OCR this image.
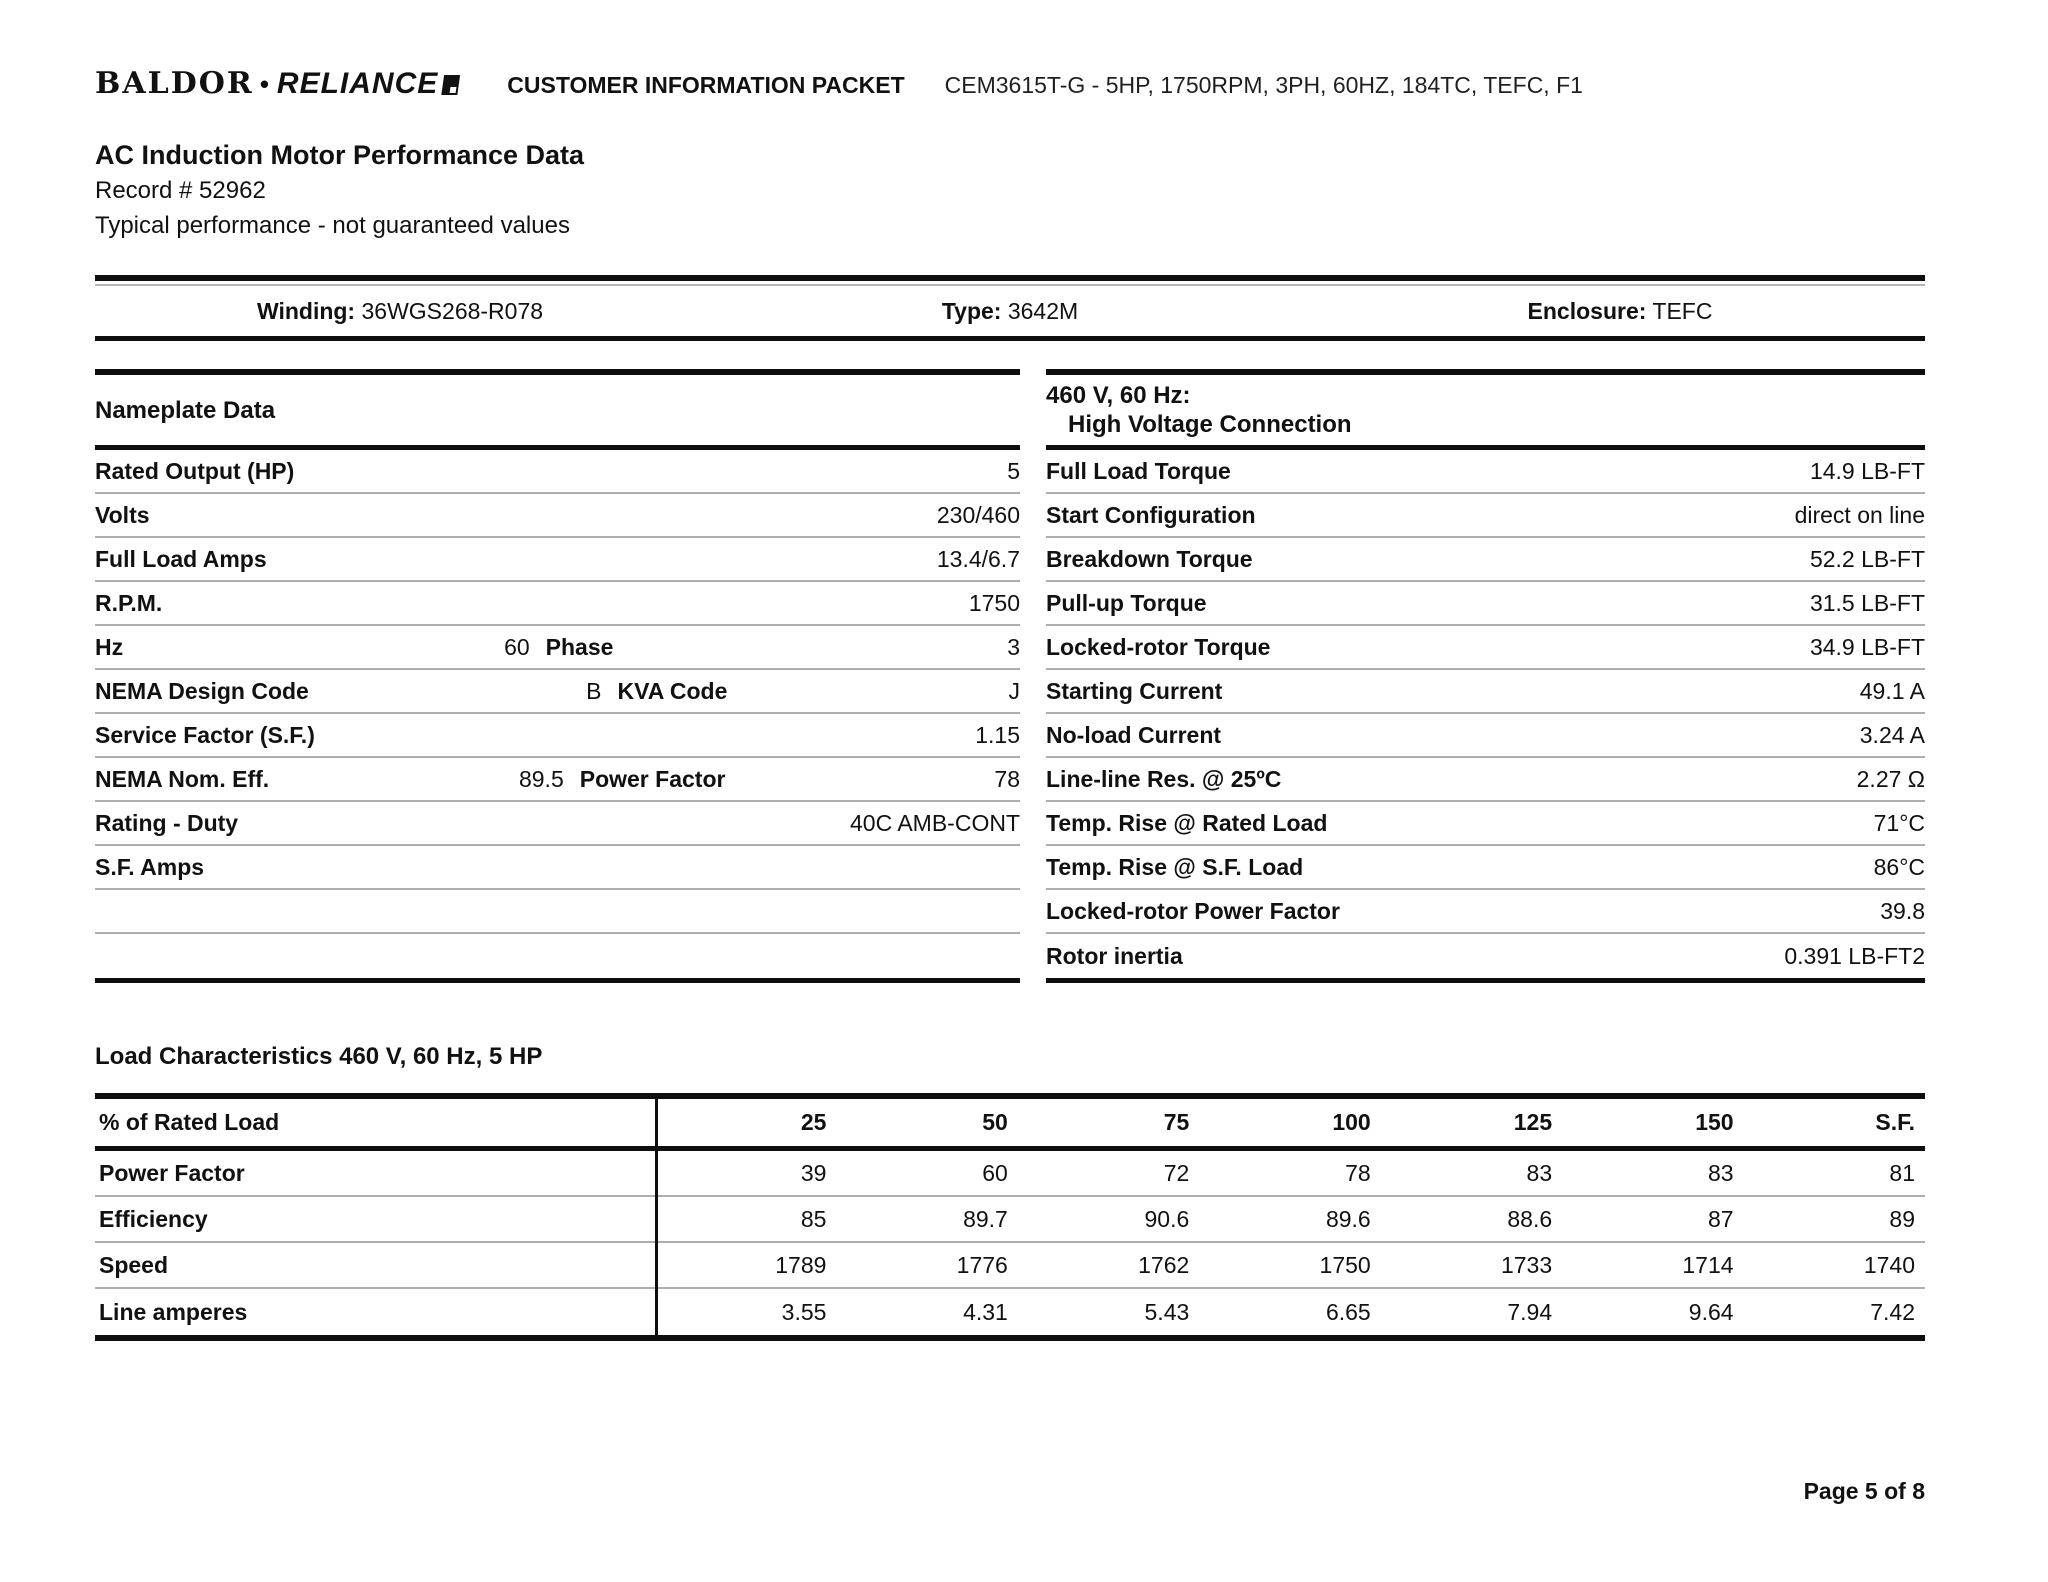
BALDOR • RELIANCE	CUSTOMER INFORMATION PACKET CEM3615T-G - 5HP, 1750RPM, 3PH, 60HZ, 184TC, TEFC, F1
AC Induction Motor Performance Data
Record # 52962
Typical performance - not guaranteed values
Winding: 36WGS268-R078	Type: 3642M	Enclosure: TEFC
Nameplate Data
Rated Output (HP)	5
Volts	230/460
Full Load Amps	13.4/6.7
R.P.M.	1750
Hz	60 Phase	3
NEMA Design Code	B KVA Code	J
Service Factor (S.F.)	1.15
NEMA Nom. Eff.	89.5 Power Factor	78
Rating - Duty	40C AMB-CONT
S.F. Amps
460 V, 60 Hz:
High Voltage Connection
Full Load Torque	14.9 LB-FT
Start Configuration	direct on line
Breakdown Torque	52.2 LB-FT
Pull-up Torque	31.5 LB-FT
Locked-rotor Torque	34.9 LB-FT
Starting Current	49.1 A
No-load Current	3.24 A
Line-line Res. @ 25ºC	2.27 Ω
Temp. Rise @ Rated Load	71°C
Temp. Rise @ S.F. Load	86°C
Locked-rotor Power Factor	39.8
Rotor inertia	0.391 LB-FT2
Load Characteristics 460 V, 60 Hz, 5 HP
% of Rated Load	25	50	75	100	125	150	S.F.
Power Factor	39	60	72	78	83	83	81
Efficiency	85	89.7	90.6	89.6	88.6	87	89
Speed	1789	1776	1762	1750	1733	1714	1740
Line amperes	3.55	4.31	5.43	6.65	7.94	9.64	7.42
Page 5 of 8
